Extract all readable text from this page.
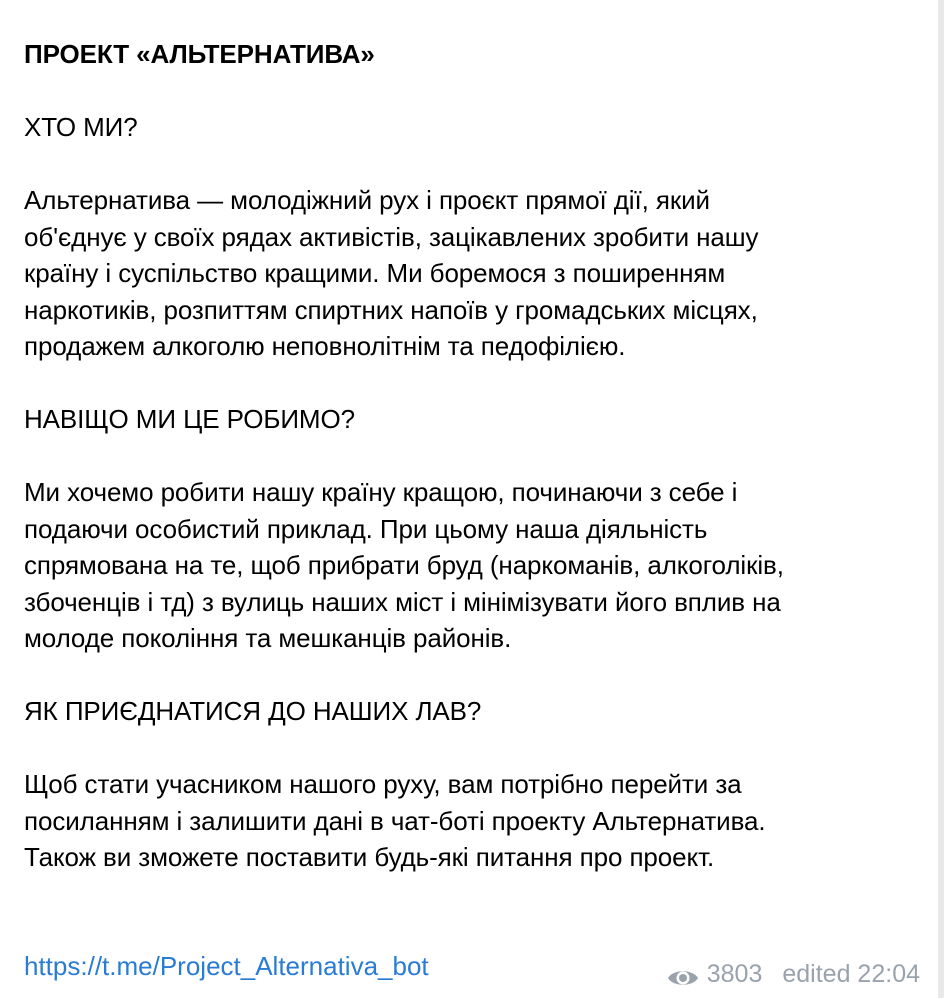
ПРОЕКТ «АЛЬТЕРНАТИВА»

ХТО МИ?

Альтернатива — молодіжний рух і проєкт прямої дії, який
об'єднує у своїх рядах активістів, зацікавлених зробити нашу
країну і суспільство кращими. Ми боремося з поширенням
наркотиків, розпиттям спиртних напоїв у громадських місцях,
продажем алкоголю неповнолітнім та педофілією.

НАВІЩО МИ ЦЕ РОБИМО?

Ми хочемо робити нашу країну кращою, починаючи з себе і
подаючи особистий приклад. При цьому наша діяльність
спрямована на те, щоб прибрати бруд (наркоманів, алкоголіків,
збоченців і тд) з вулиць наших міст і мінімізувати його вплив на
молоде покоління та мешканців районів.

ЯК ПРИЄДНАТИСЯ ДО НАШИХ ЛАВ?

Щоб стати учасником нашого руху, вам потрібно перейти за
посиланням і залишити дані в чат-боті проекту Альтернатива.
Також ви зможете поставити будь-які питання про проект.

https://t.me/Project_Alternativa_bot	3803 edited 22:04
